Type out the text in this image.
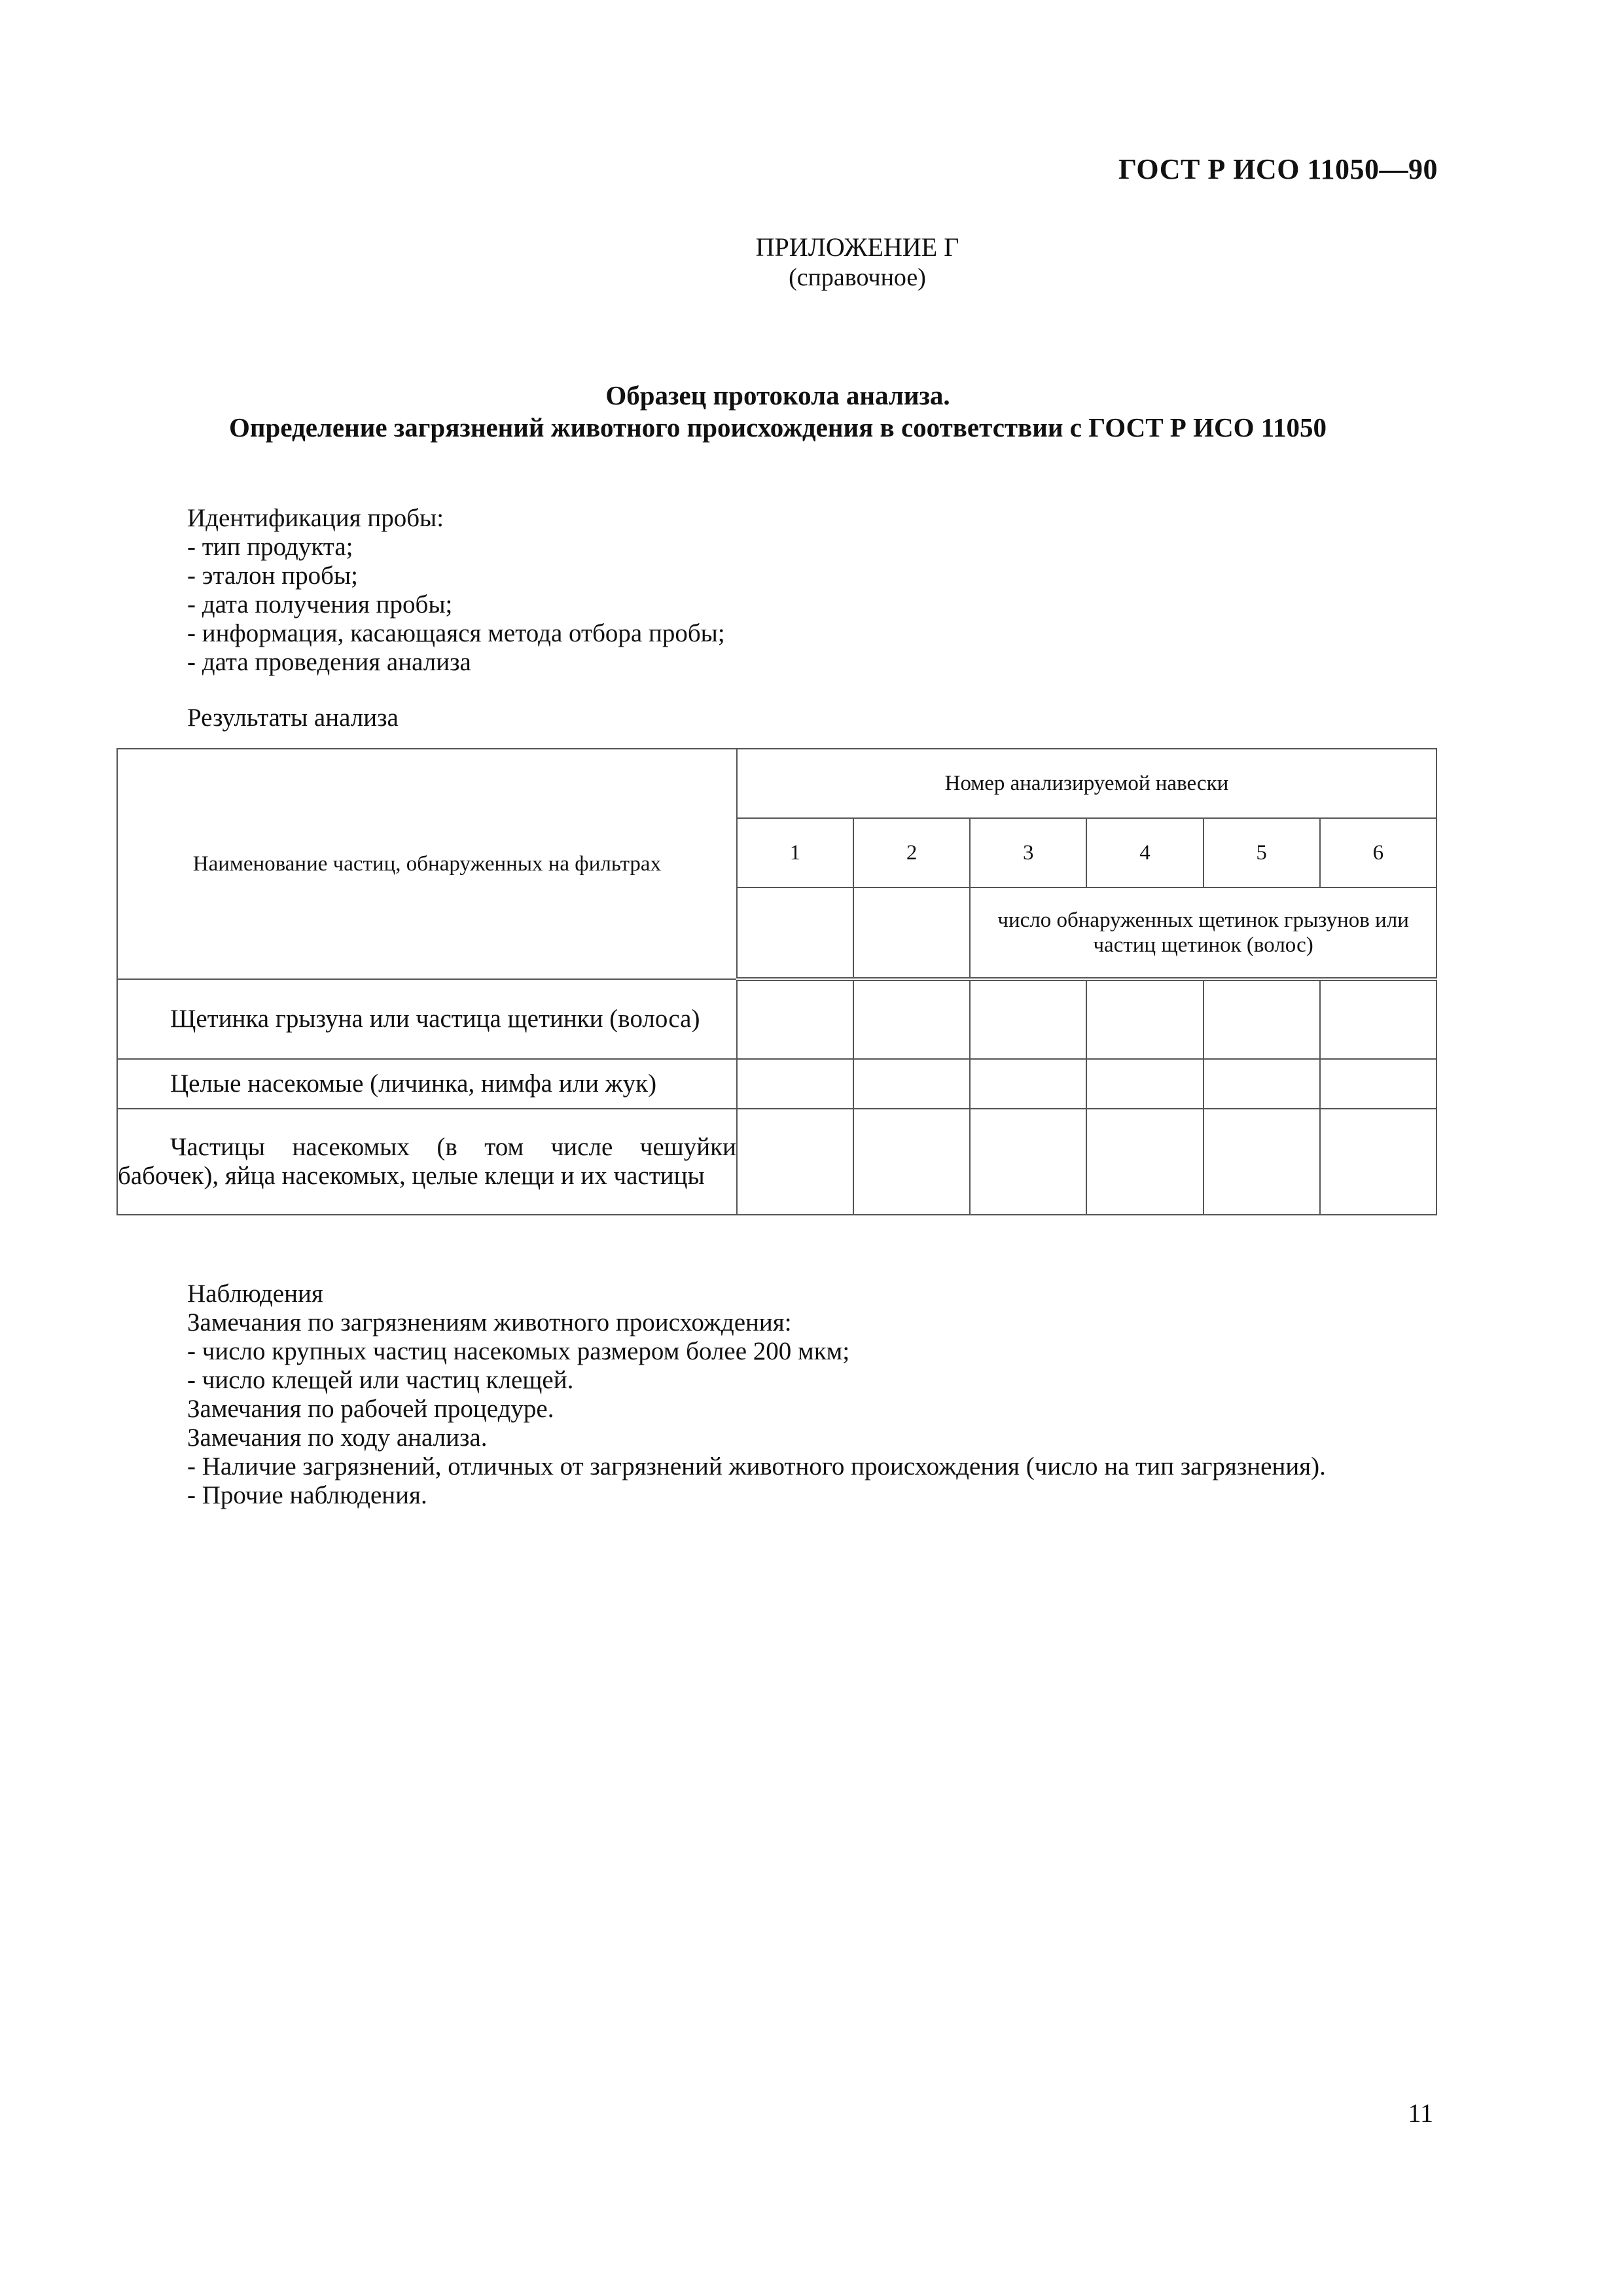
ГОСТ Р ИСО 11050—90
ПРИЛОЖЕНИЕ Г
(справочное)
Образец протокола анализа.
Определение загрязнений животного происхождения в соответствии с ГОСТ Р ИСО 11050
Идентификация пробы:
- тип продукта;
- эталон пробы;
- дата получения пробы;
- информация, касающаяся метода отбора пробы;
- дата проведения анализа
Результаты анализа
Наименование частиц, обнаруженных на фильтрах	Номер анализируемой навески					
	1	2	3	4	5	6
			число обнаруженных щетинок грызунов или частиц щетинок (волос)			
Щетинка грызуна или частица щетинки (волоса)						
Целые насекомые (личинка, нимфа или жук)						
Частицы насекомых (в том числе чешуйки бабочек), яйца насекомых, целые клещи и их частицы						
Наблюдения
Замечания по загрязнениям животного происхождения:
- число крупных частиц насекомых размером более 200 мкм;
- число клещей или частиц клещей.
Замечания по рабочей процедуре.
Замечания по ходу анализа.
- Наличие загрязнений, отличных от загрязнений животного происхождения (число на тип загрязнения).
- Прочие наблюдения.
11
